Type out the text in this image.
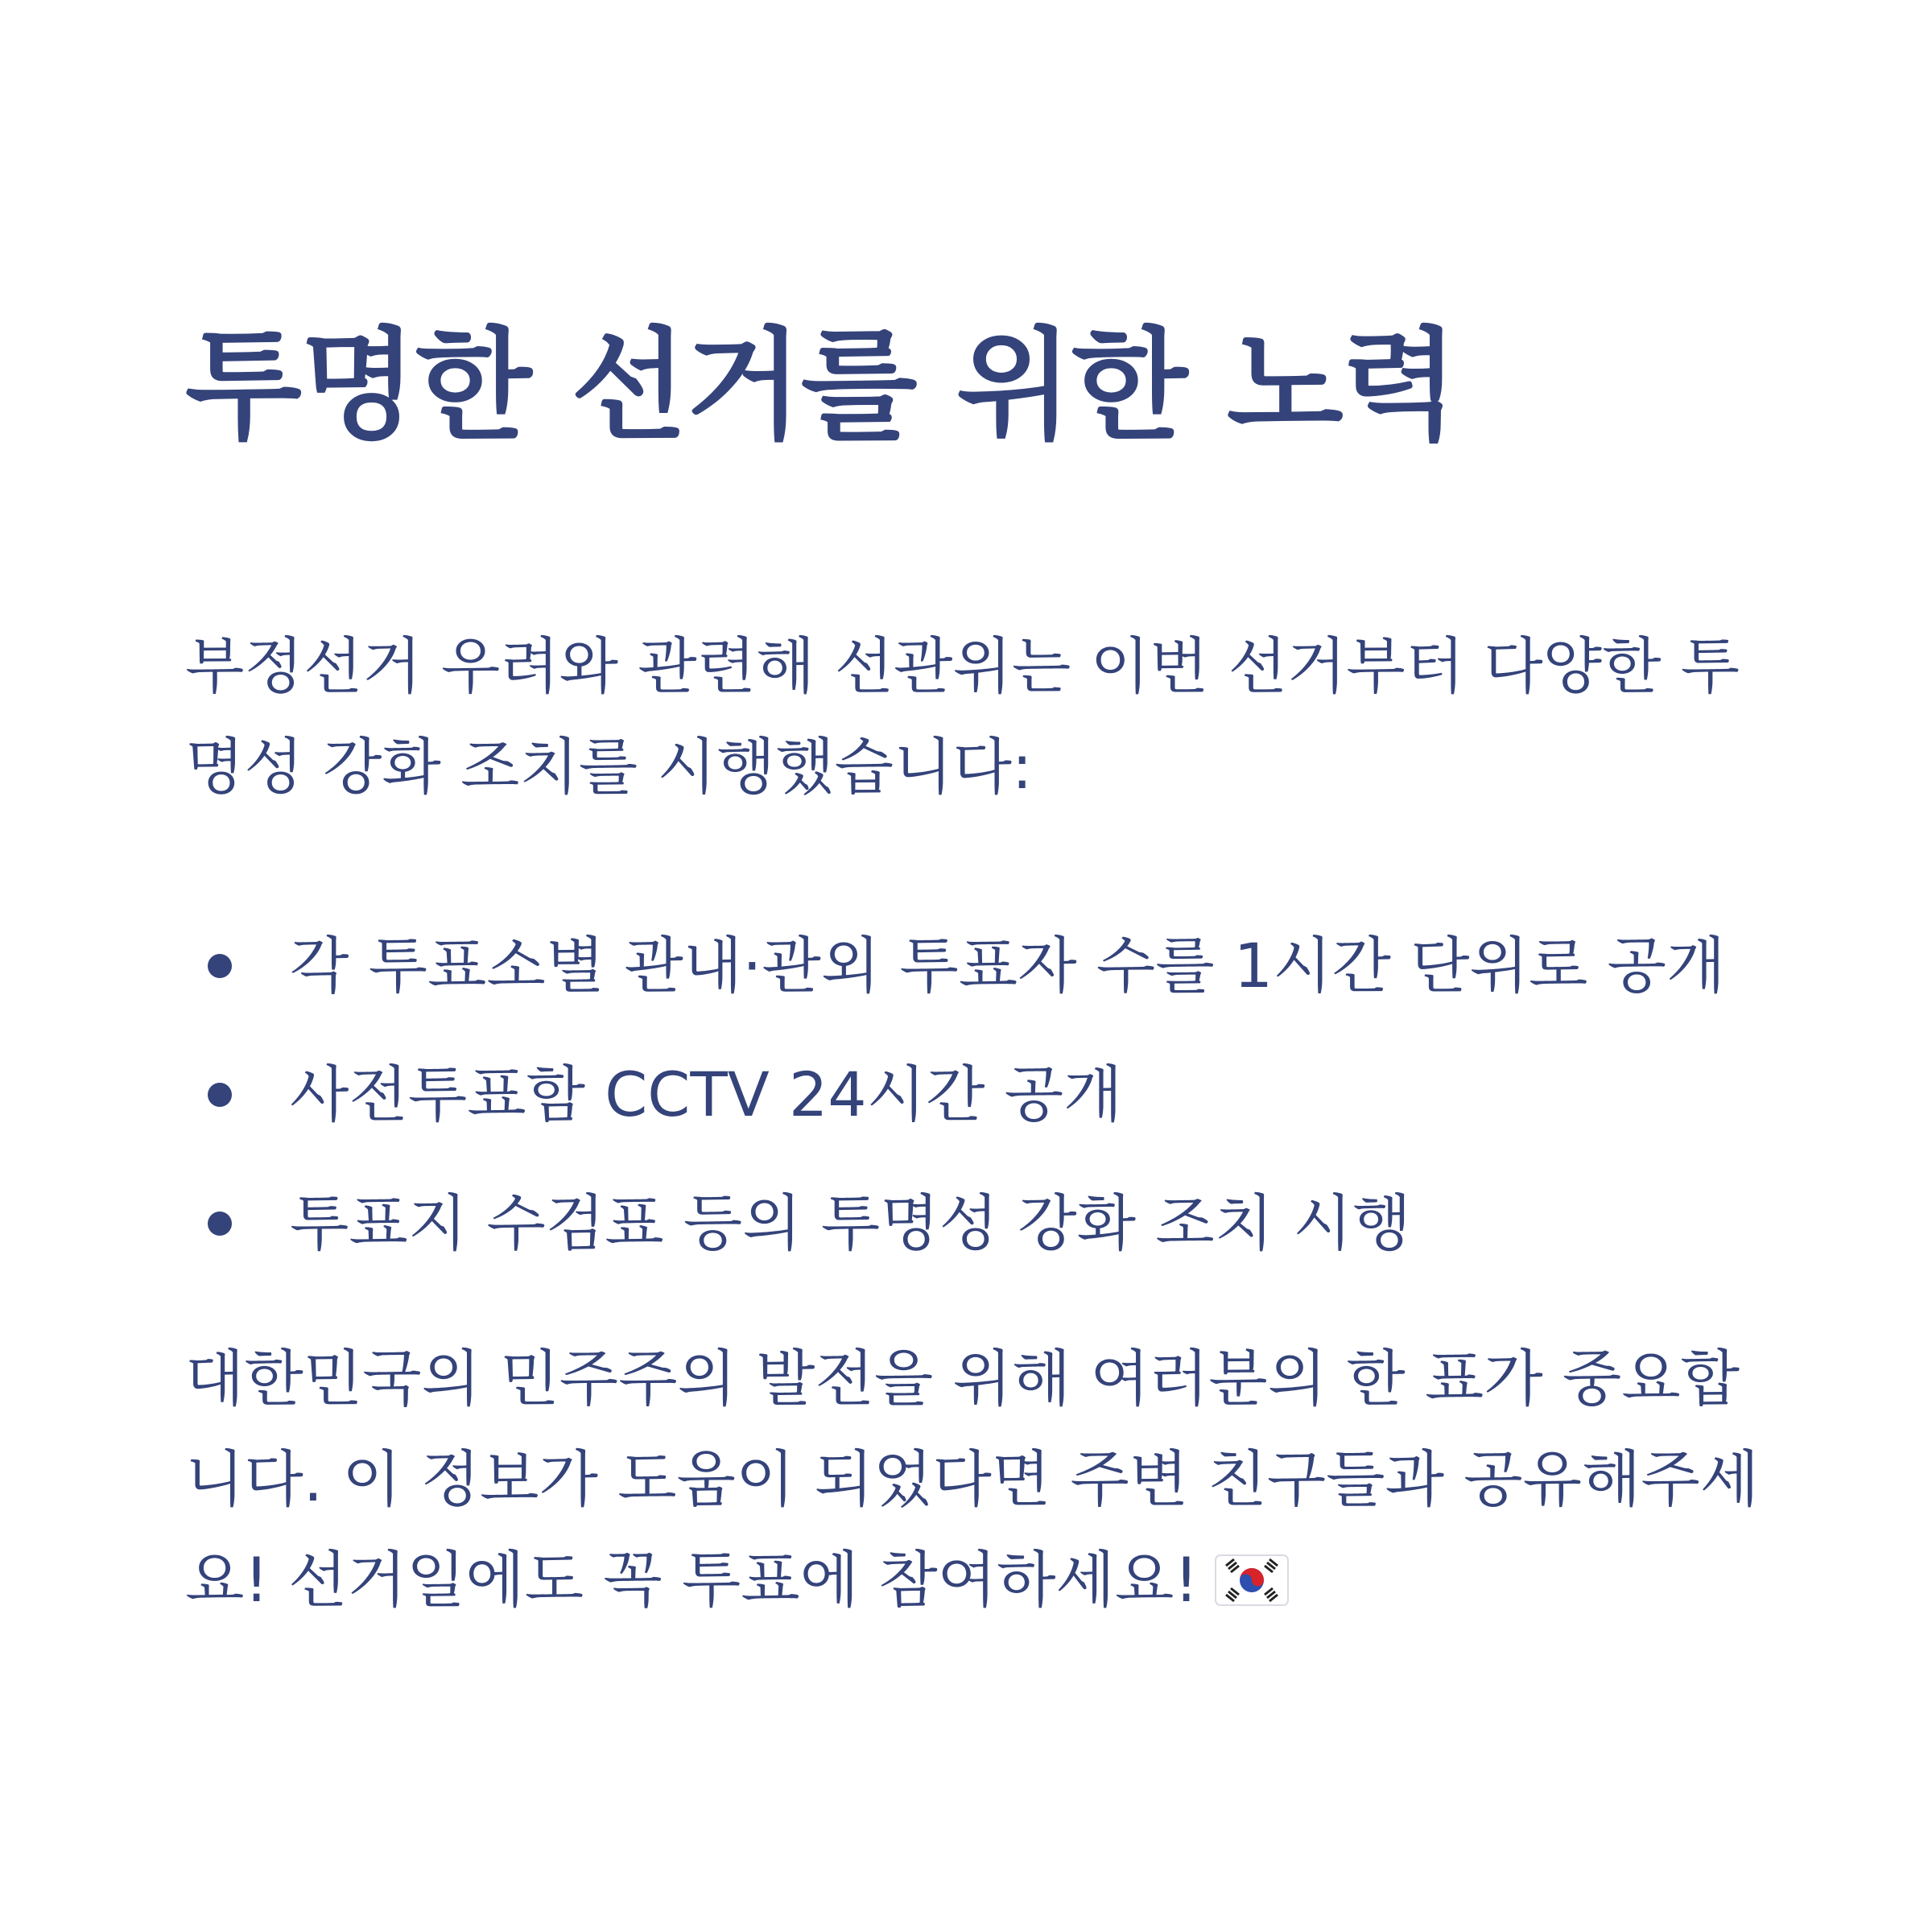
투명한 선거를 위한 노력

부정선거 우려와 관련해 선관위는 이번 선거부터 다양한 투명성 강화 조치를 시행했습니다:

각 투표소별 관내·관외 투표자 수를 1시간 단위로 공개
사전투표함 CCTV 24시간 공개
투표지 수검표 등의 투명성 강화 조치 시행

대한민국의 민주주의 발전을 위해 여러분의 한 표가 중요합니다. 이 정보가 도움이 되었다면 주변 친구들과 공유해주세요! 선거일에도 꼭 투표에 참여하세요!
